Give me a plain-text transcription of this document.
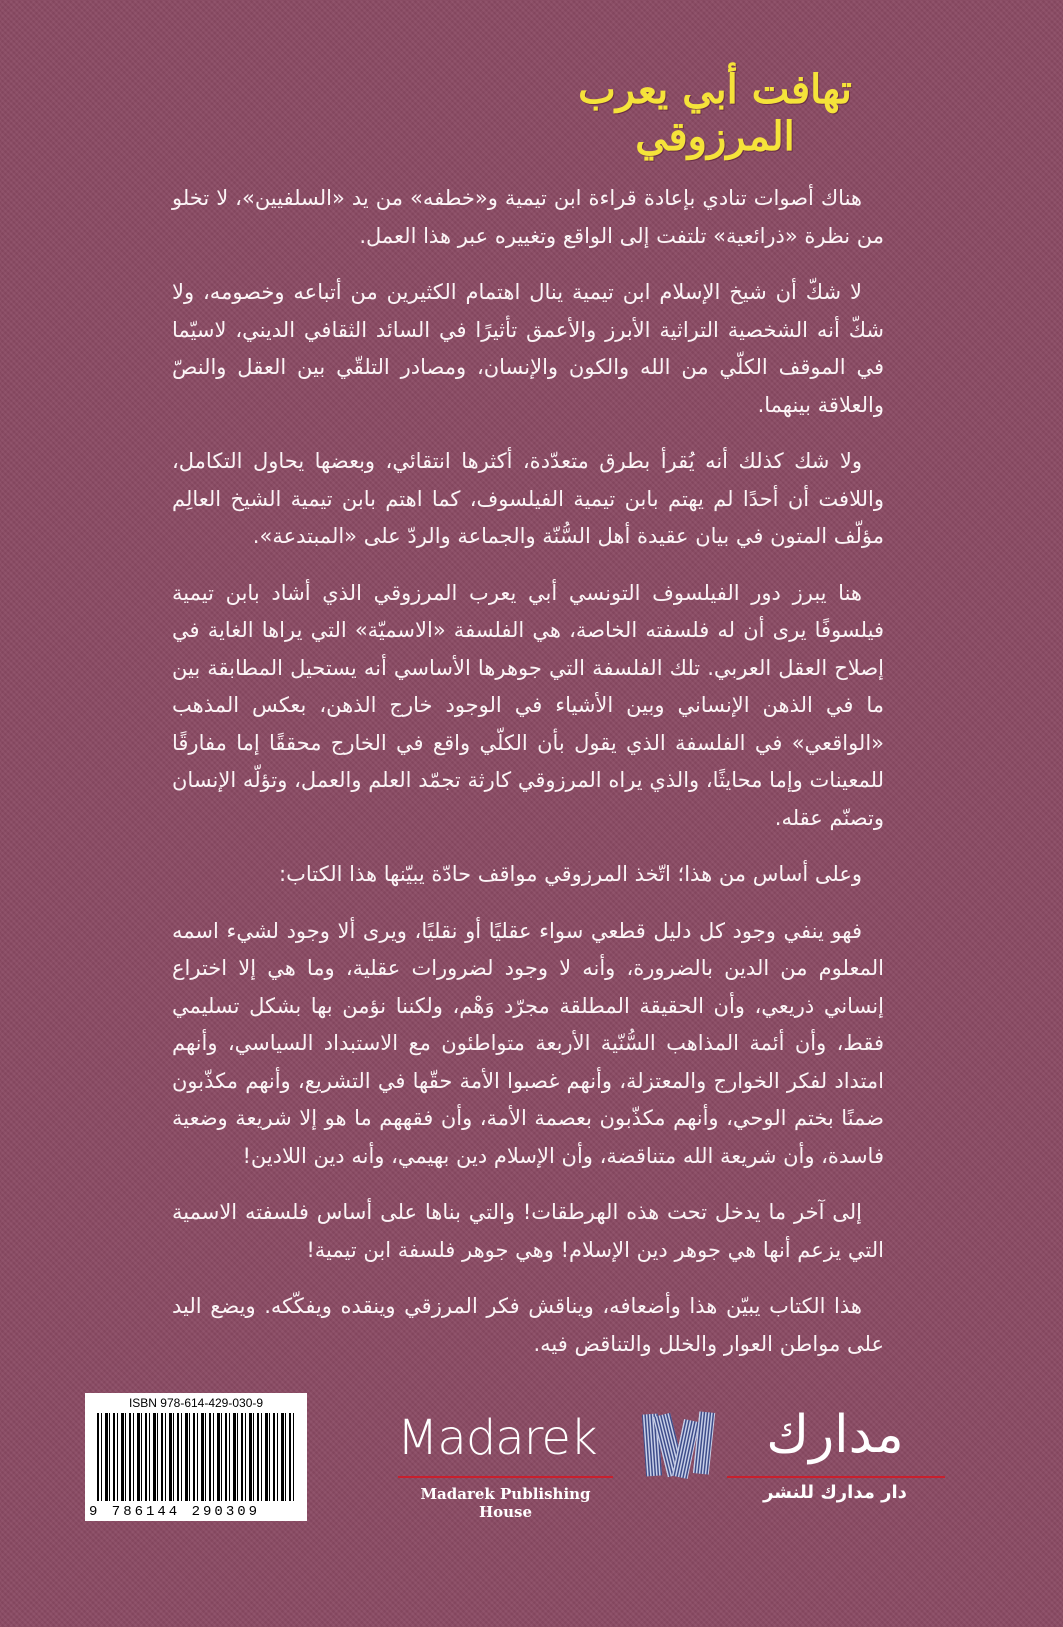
تهافت أبي يعرب المرزوقي

هناك أصوات تنادي بإعادة قراءة ابن تيمية و«خطفه» من يد «السلفيين»، لا تخلو من نظرة «ذرائعية» تلتفت إلى الواقع وتغييره عبر هذا العمل.

لا شكّ أن شيخ الإسلام ابن تيمية ينال اهتمام الكثيرين من أتباعه وخصومه، ولا شكّ أنه الشخصية التراثية الأبرز والأعمق تأثيرًا في السائد الثقافي الديني، لاسيّما في الموقف الكلّي من الله والكون والإنسان، ومصادر التلقّي بين العقل والنصّ والعلاقة بينهما.

ولا شك كذلك أنه يُقرأ بطرق متعدّدة، أكثرها انتقائي، وبعضها يحاول التكامل، واللافت أن أحدًا لم يهتم بابن تيمية الفيلسوف، كما اهتم بابن تيمية الشيخ العالِم مؤلّف المتون في بيان عقيدة أهل السُّنّة والجماعة والردّ على «المبتدعة».

هنا يبرز دور الفيلسوف التونسي أبي يعرب المرزوقي الذي أشاد بابن تيمية فيلسوفًا يرى أن له فلسفته الخاصة، هي الفلسفة «الاسميّة» التي يراها الغاية في إصلاح العقل العربي. تلك الفلسفة التي جوهرها الأساسي أنه يستحيل المطابقة بين ما في الذهن الإنساني وبين الأشياء في الوجود خارج الذهن، بعكس المذهب «الواقعي» في الفلسفة الذي يقول بأن الكلّي واقع في الخارج محققًا إما مفارقًا للمعينات وإما محايثًا، والذي يراه المرزوقي كارثة تجمّد العلم والعمل، وتؤلّه الإنسان وتصنّم عقله.

وعلى أساس من هذا؛ اتّخذ المرزوقي مواقف حادّة يبيّنها هذا الكتاب:

فهو ينفي وجود كل دليل قطعي سواء عقليًا أو نقليًا، ويرى ألا وجود لشيء اسمه المعلوم من الدين بالضرورة، وأنه لا وجود لضرورات عقلية، وما هي إلا اختراع إنساني ذريعي، وأن الحقيقة المطلقة مجرّد وَهْم، ولكننا نؤمن بها بشكل تسليمي فقط، وأن أئمة المذاهب السُّنّية الأربعة متواطئون مع الاستبداد السياسي، وأنهم امتداد لفكر الخوارج والمعتزلة، وأنهم غصبوا الأمة حقّها في التشريع، وأنهم مكذّبون ضمنًا بختم الوحي، وأنهم مكذّبون بعصمة الأمة، وأن فقههم ما هو إلا شريعة وضعية فاسدة، وأن شريعة الله متناقضة، وأن الإسلام دين بهيمي، وأنه دين اللادين!

إلى آخر ما يدخل تحت هذه الهرطقات! والتي بناها على أساس فلسفته الاسمية التي يزعم أنها هي جوهر دين الإسلام! وهي جوهر فلسفة ابن تيمية!

هذا الكتاب يبيّن هذا وأضعافه، ويناقش فكر المرزقي وينقده ويفكّكه. ويضع اليد على مواطن العوار والخلل والتناقض فيه.

ISBN 978-614-429-030-9
9 786144 290309
Madarek	مدارك
Madarek Publishing House
دار مدارك للنشر
